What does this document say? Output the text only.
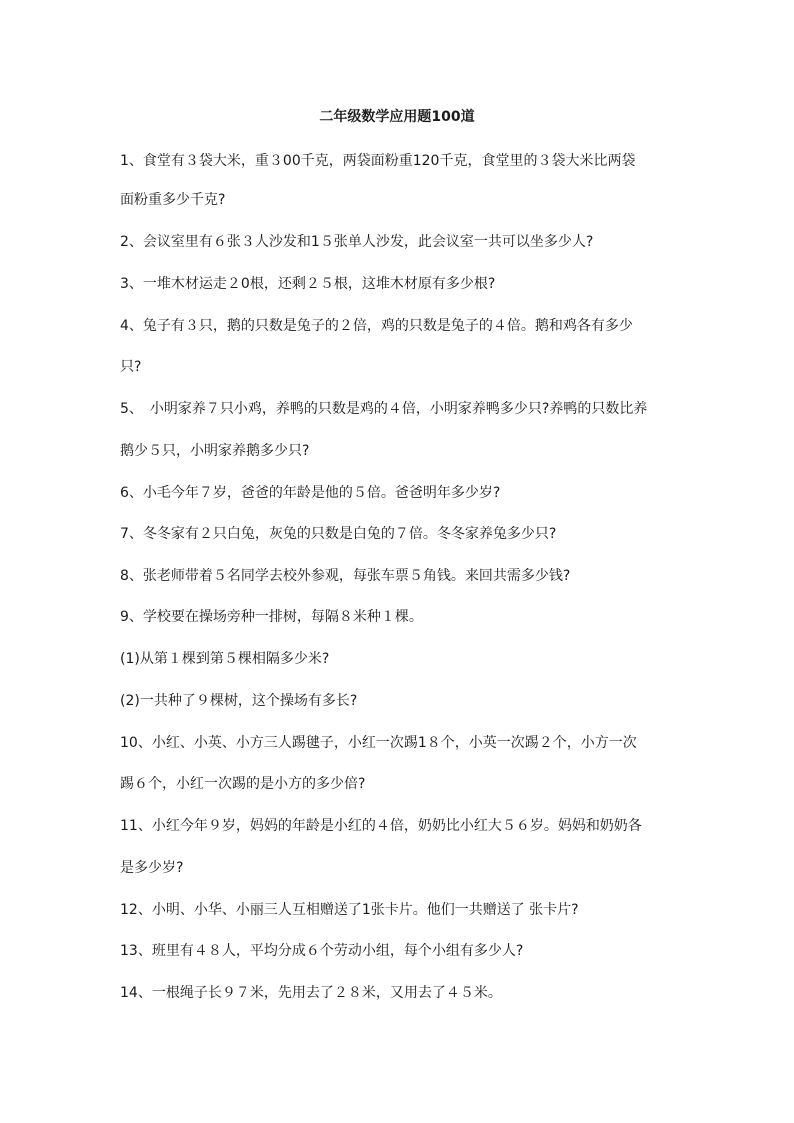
二年级数学应用题100道
1、食堂有３袋大米，重３00千克，两袋面粉重120千克，食堂里的３袋大米比两袋
面粉重多少千克?
2、会议室里有６张３人沙发和1５张单人沙发，此会议室一共可以坐多少人?
3、一堆木材运走２0根，还剩２５根，这堆木材原有多少根?
4、兔子有３只，鹅的只数是兔子的２倍，鸡的只数是兔子的４倍。鹅和鸡各有多少
只?
5、　小明家养７只小鸡，养鸭的只数是鸡的４倍，小明家养鸭多少只?养鸭的只数比养
鹅少５只，小明家养鹅多少只?
6、小毛今年７岁，爸爸的年龄是他的５倍。爸爸明年多少岁?
7、冬冬家有２只白兔，灰兔的只数是白兔的７倍。冬冬家养兔多少只?
8、张老师带着５名同学去校外参观，每张车票５角钱。来回共需多少钱?
9、学校要在操场旁种一排树，每隔８米种１棵。
(1)从第１棵到第５棵相隔多少米?
(2)一共种了９棵树，这个操场有多长?
10、小红、小英、小方三人踢毽子，小红一次踢1８个，小英一次踢２个，小方一次
踢６个，小红一次踢的是小方的多少倍?
11、小红今年９岁，妈妈的年龄是小红的４倍，奶奶比小红大５６岁。妈妈和奶奶各
是多少岁?
12、小明、小华、小丽三人互相赠送了1张卡片。他们一共赠送了 张卡片?
13、班里有４８人，平均分成６个劳动小组，每个小组有多少人?
14、一根绳子长９７米，先用去了２８米，又用去了４５米。
